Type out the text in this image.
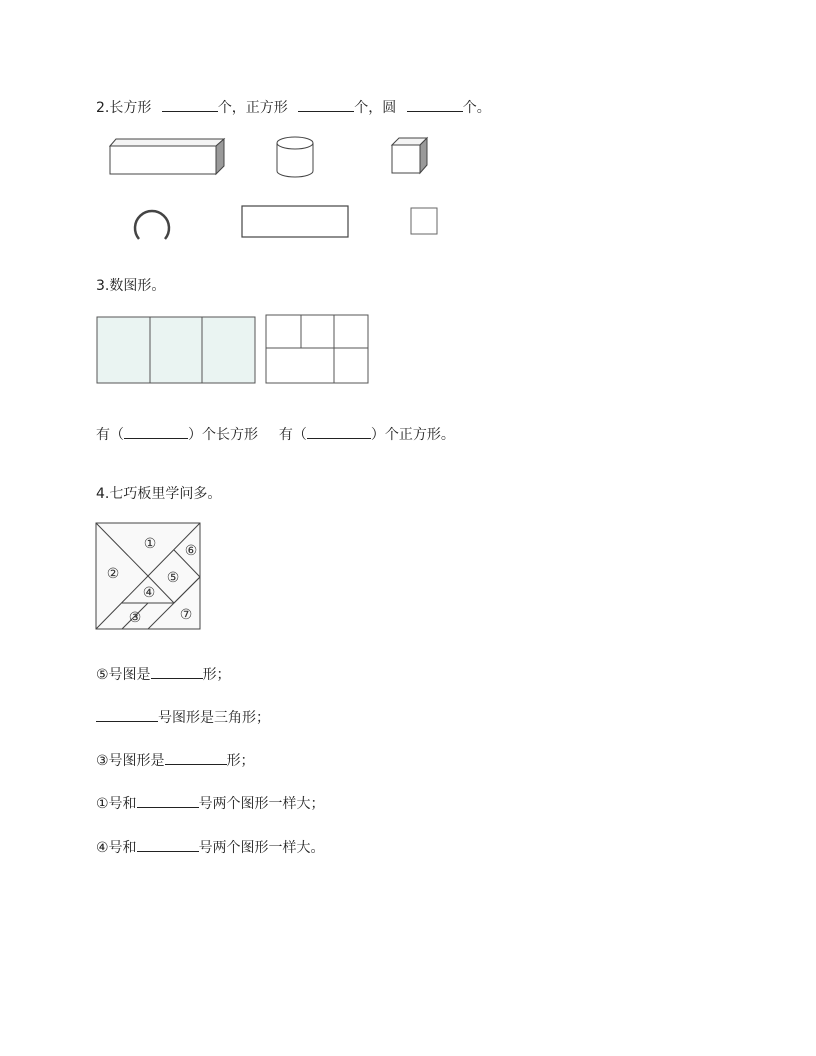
2.长方形	个，正方形	个，圆	个。
3.数图形。
有（	）个长方形 有（	）个正方形。
4.七巧板里学问多。
①
②
③
④
⑤
⑥
⑦
⑤号图是	形；
号图形是三角形；
③号图形是	形；
①号和	号两个图形一样大；
④号和	号两个图形一样大。
